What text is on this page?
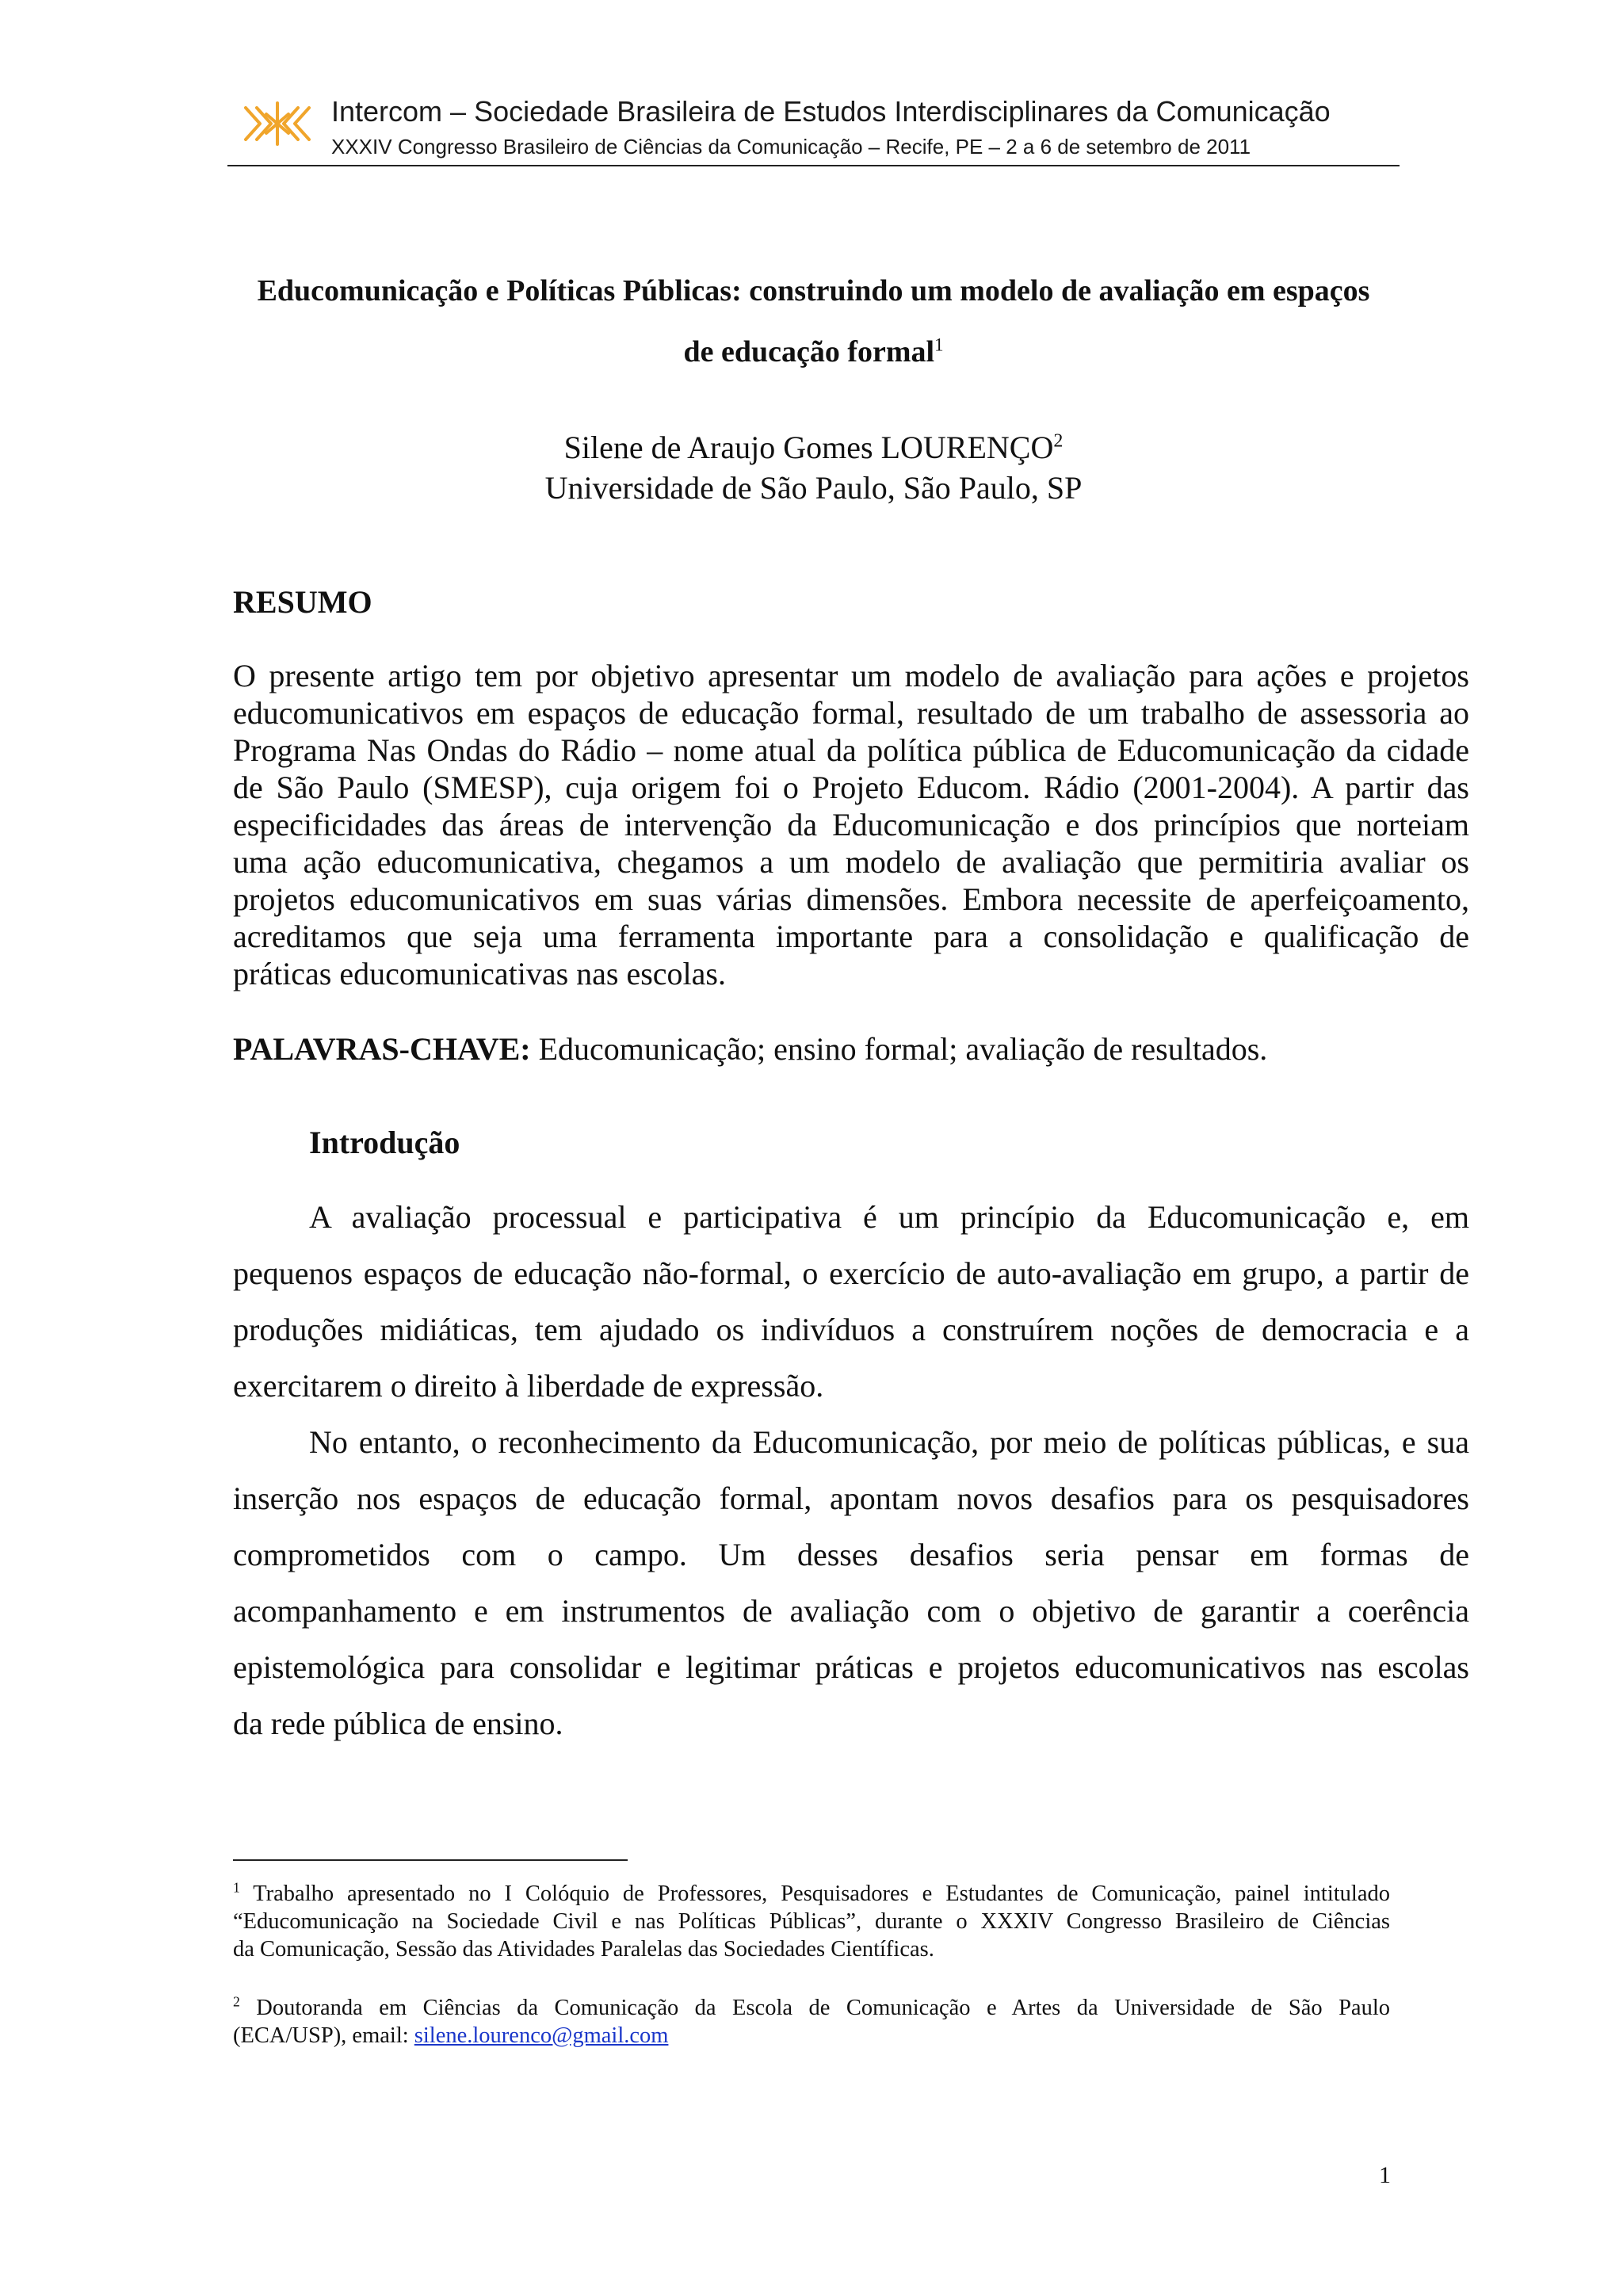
Intercom – Sociedade Brasileira de Estudos Interdisciplinares da Comunicação
XXXIV Congresso Brasileiro de Ciências da Comunicação – Recife, PE – 2 a 6 de setembro de 2011
Educomunicação e Políticas Públicas: construindo um modelo de avaliação em espaços
de educação formal$^1$
Silene de Araujo Gomes LOURENÇO$^2$
Universidade de São Paulo, São Paulo, SP
RESUMO
O presente artigo tem por objetivo apresentar um modelo de avaliação para ações e projetos
educomunicativos em espaços de educação formal, resultado de um trabalho de assessoria ao
Programa Nas Ondas do Rádio – nome atual da política pública de Educomunicação da cidade
de São Paulo (SMESP), cuja origem foi o Projeto Educom. Rádio (2001-2004). A partir das
especificidades das áreas de intervenção da Educomunicação e dos princípios que norteiam
uma ação educomunicativa, chegamos a um modelo de avaliação que permitiria avaliar os
projetos educomunicativos em suas várias dimensões. Embora necessite de aperfeiçoamento,
acreditamos que seja uma ferramenta importante para a consolidação e qualificação de
práticas educomunicativas nas escolas.
PALAVRAS-CHAVE: Educomunicação; ensino formal; avaliação de resultados.
Introdução
A avaliação processual e participativa é um princípio da Educomunicação e, em
pequenos espaços de educação não-formal, o exercício de auto-avaliação em grupo, a partir de
produções midiáticas, tem ajudado os indivíduos a construírem noções de democracia e a
exercitarem o direito à liberdade de expressão.
No entanto, o reconhecimento da Educomunicação, por meio de políticas públicas, e sua
inserção nos espaços de educação formal, apontam novos desafios para os pesquisadores
comprometidos com o campo. Um desses desafios seria pensar em formas de
acompanhamento e em instrumentos de avaliação com o objetivo de garantir a coerência
epistemológica para consolidar e legitimar práticas e projetos educomunicativos nas escolas
da rede pública de ensino.
$^1$ Trabalho apresentado no I Colóquio de Professores, Pesquisadores e Estudantes de Comunicação, painel intitulado
“Educomunicação na Sociedade Civil e nas Políticas Públicas”, durante o XXXIV Congresso Brasileiro de Ciências
da Comunicação, Sessão das Atividades Paralelas das Sociedades Científicas.
$^2$ Doutoranda em Ciências da Comunicação da Escola de Comunicação e Artes da Universidade de São Paulo
(ECA/USP), email: silene.lourenco@gmail.com
1
